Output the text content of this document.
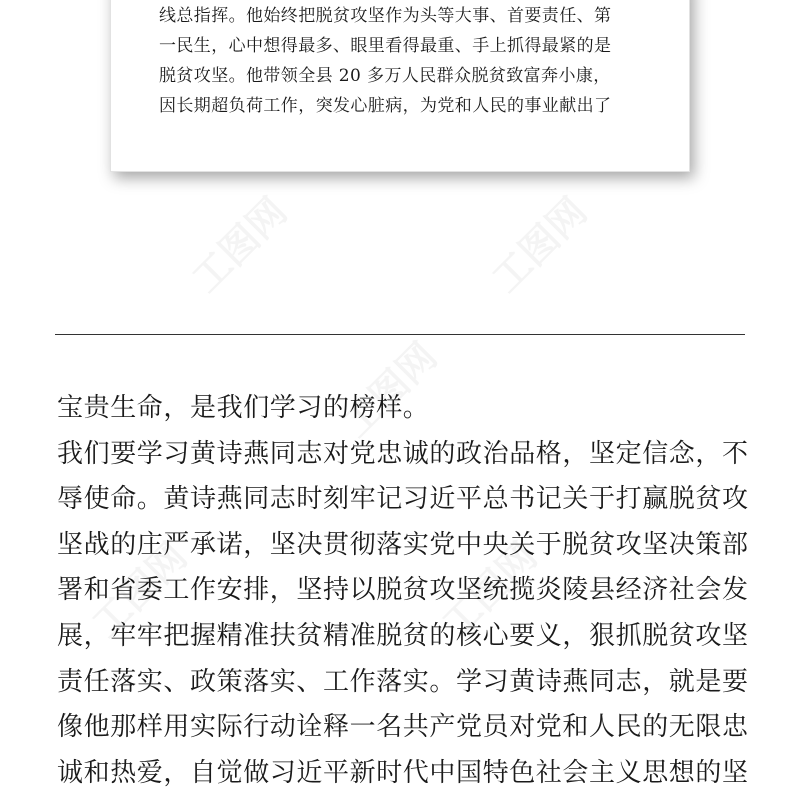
工图网	工图网
工图网
工图网	工图网
线总指挥。他始终把脱贫攻坚作为头等大事、首要责任、第
一民生，心中想得最多、眼里看得最重、手上抓得最紧的是
脱贫攻坚。他带领全县 20 多万人民群众脱贫致富奔小康，
因长期超负荷工作，突发心脏病，为党和人民的事业献出了
宝贵生命，是我们学习的榜样。
我们要学习黄诗燕同志对党忠诚的政治品格，坚定信念，不
辱使命。黄诗燕同志时刻牢记习近平总书记关于打赢脱贫攻
坚战的庄严承诺，坚决贯彻落实党中央关于脱贫攻坚决策部
署和省委工作安排，坚持以脱贫攻坚统揽炎陵县经济社会发
展，牢牢把握精准扶贫精准脱贫的核心要义，狠抓脱贫攻坚
责任落实、政策落实、工作落实。学习黄诗燕同志，就是要
像他那样用实际行动诠释一名共产党员对党和人民的无限忠
诚和热爱，自觉做习近平新时代中国特色社会主义思想的坚
